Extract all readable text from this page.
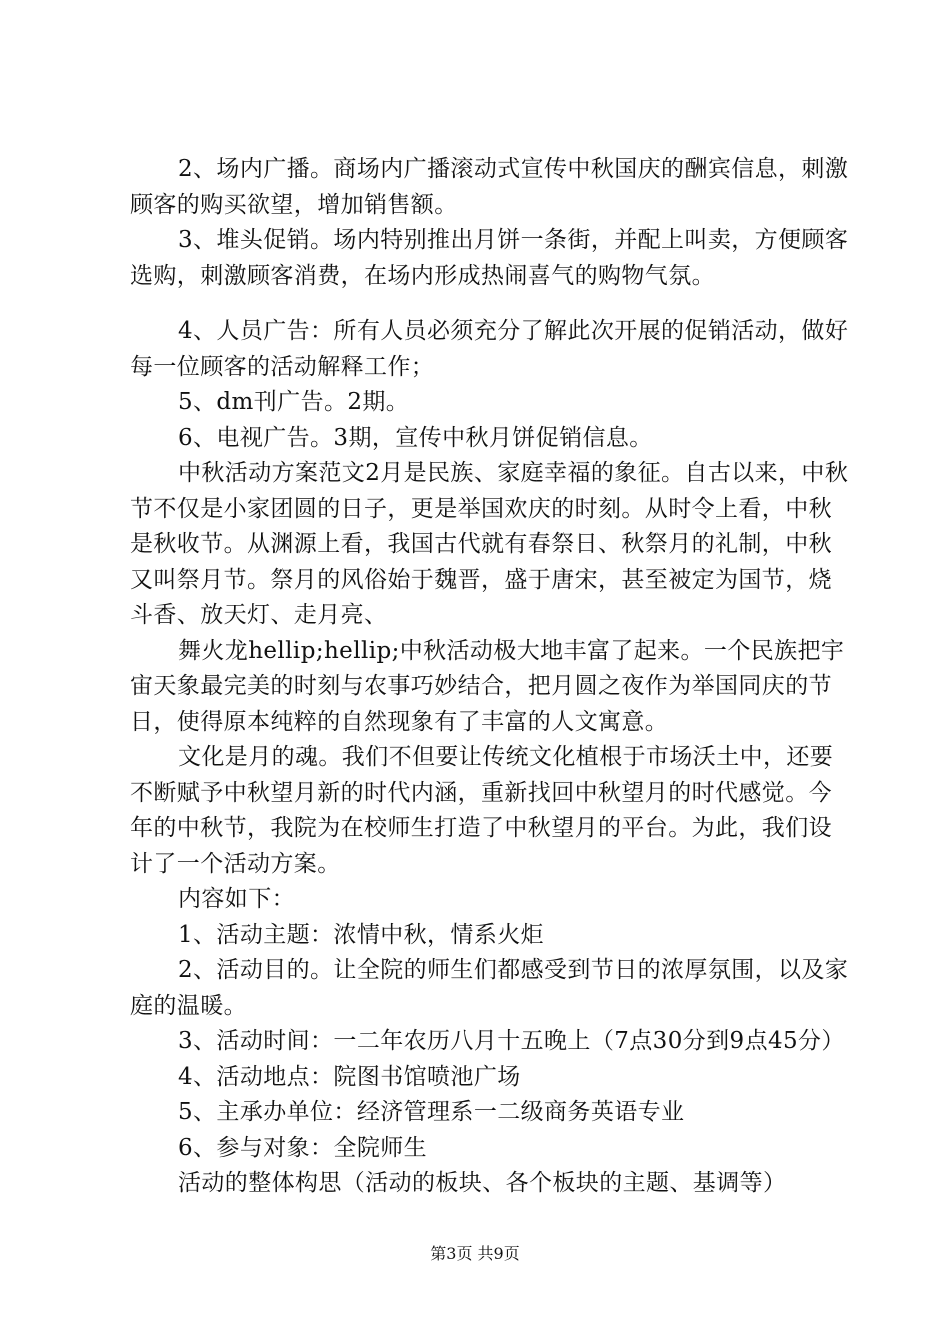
2、场内广播。商场内广播滚动式宣传中秋国庆的酬宾信息，刺激顾客的购买欲望，增加销售额。

3、堆头促销。场内特别推出月饼一条街，并配上叫卖，方便顾客选购，刺激顾客消费，在场内形成热闹喜气的购物气氛。

4、人员广告：所有人员必须充分了解此次开展的促销活动，做好每一位顾客的活动解释工作；

5、dm刊广告。2期。

6、电视广告。3期，宣传中秋月饼促销信息。

中秋活动方案范文2月是民族、家庭幸福的象征。自古以来，中秋节不仅是小家团圆的日子，更是举国欢庆的时刻。从时令上看，中秋是秋收节。从渊源上看，我国古代就有春祭日、秋祭月的礼制，中秋又叫祭月节。祭月的风俗始于魏晋，盛于唐宋，甚至被定为国节，烧斗香、放天灯、走月亮、

舞火龙hellip;hellip;中秋活动极大地丰富了起来。一个民族把宇宙天象最完美的时刻与农事巧妙结合，把月圆之夜作为举国同庆的节日，使得原本纯粹的自然现象有了丰富的人文寓意。

文化是月的魂。我们不但要让传统文化植根于市场沃土中，还要不断赋予中秋望月新的时代内涵，重新找回中秋望月的时代感觉。今年的中秋节，我院为在校师生打造了中秋望月的平台。为此，我们设计了一个活动方案。

内容如下：

1、活动主题：浓情中秋，情系火炬

2、活动目的。让全院的师生们都感受到节日的浓厚氛围，以及家庭的温暖。

3、活动时间：一二年农历八月十五晚上（7点30分到9点45分）

4、活动地点：院图书馆喷池广场

5、主承办单位：经济管理系一二级商务英语专业

6、参与对象：全院师生

活动的整体构思（活动的板块、各个板块的主题、基调等）

第3页 共9页
